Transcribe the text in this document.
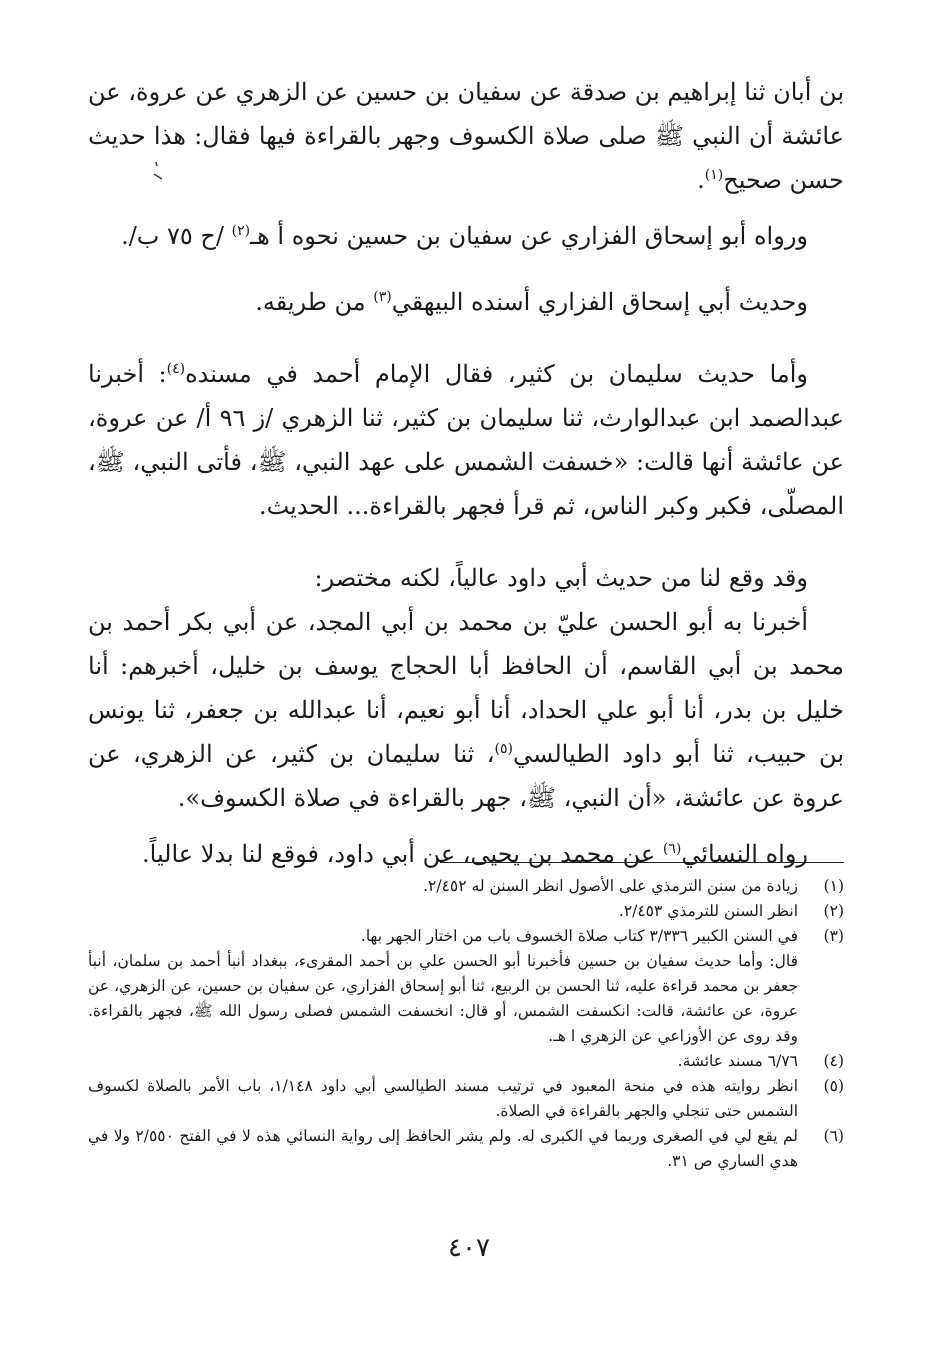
بن أبان ثنا إبراهيم بن صدقة عن سفيان بن حسين عن الزهري عن عروة، عن عائشة أن النبي ﷺ صلى صلاة الكسوف وجهر بالقراءة فيها فقال: هذا حديث حسن صحيح$^{(١)}$.

ورواه أبو إسحاق الفزاري عن سفيان بن حسين نحوه أ هـ$^{(٢)}$ /ح ٧٥ ب/.

وحديث أبي إسحاق الفزاري أسنده البيهقي$^{(٣)}$ من طريقه.

وأما حديث سليمان بن كثير، فقال الإمام أحمد في مسنده$^{(٤)}$: أخبرنا عبدالصمد ابن عبدالوارث، ثنا سليمان بن كثير، ثنا الزهري /ز ٩٦ أ/ عن عروة، عن عائشة أنها قالت: «خسفت الشمس على عهد النبي، ﷺ، فأتى النبي، ﷺ، المصلّى، فكبر وكبر الناس، ثم قرأ فجهر بالقراءة... الحديث.

وقد وقع لنا من حديث أبي داود عالياً، لكنه مختصر:

أخبرنا به أبو الحسن عليّ بن محمد بن أبي المجد، عن أبي بكر أحمد بن محمد بن أبي القاسم، أن الحافظ أبا الحجاج يوسف بن خليل، أخبرهم: أنا خليل بن بدر، أنا أبو علي الحداد، أنا أبو نعيم، أنا عبدالله بن جعفر، ثنا يونس بن حبيب، ثنا أبو داود الطيالسي$^{(٥)}$، ثنا سليمان بن كثير، عن الزهري، عن عروة عن عائشة، «أن النبي، ﷺ، جهر بالقراءة في صلاة الكسوف».

رواه النسائي$^{(٦)}$ عن محمد بن يحيى، عن أبي داود، فوقع لنا بدلا عالياً.

(١)
زيادة من سنن الترمذي على الأصول انظر السنن له ٢/٤٥٢.
(٢)
انظر السنن للترمذي ٢/٤٥٣.
(٣)
في السنن الكبير ٣/٣٣٦ كتاب صلاة الخسوف باب من اختار الجهر بها.

قال: وأما حديث سفيان بن حسين فأخبرنا أبو الحسن علي بن أحمد المقرىء، ببغداد أنبأ أحمد بن سلمان، أنبأ جعفر بن محمد قراءة عليه، ثنا الحسن بن الربيع، ثنا أبو إسحاق الفزاري، عن سفيان بن حسين، عن الزهري، عن عروة، عن عائشة، قالت: انكسفت الشمس، أو قال: انخسفت الشمس فصلى رسول الله ﷺ، فجهر بالقراءة. وقد روى عن الأوزاعي عن الزهري ا هـ.

(٤)
٦/٧٦ مسند عائشة.
(٥)
انظر روايته هذه في منحة المعبود في ترتيب مسند الطيالسي أبي داود ١/١٤٨، باب الأمر بالصلاة لكسوف الشمس حتى تنجلي والجهر بالقراءة في الصلاة.
(٦)
لم يقع لي في الصغرى وربما في الكبرى له. ولم يشر الحافظ إلى رواية النسائي هذه لا في الفتح ٢/٥٥٠ ولا في هدي الساري ص ٣١.
٤٠٧
